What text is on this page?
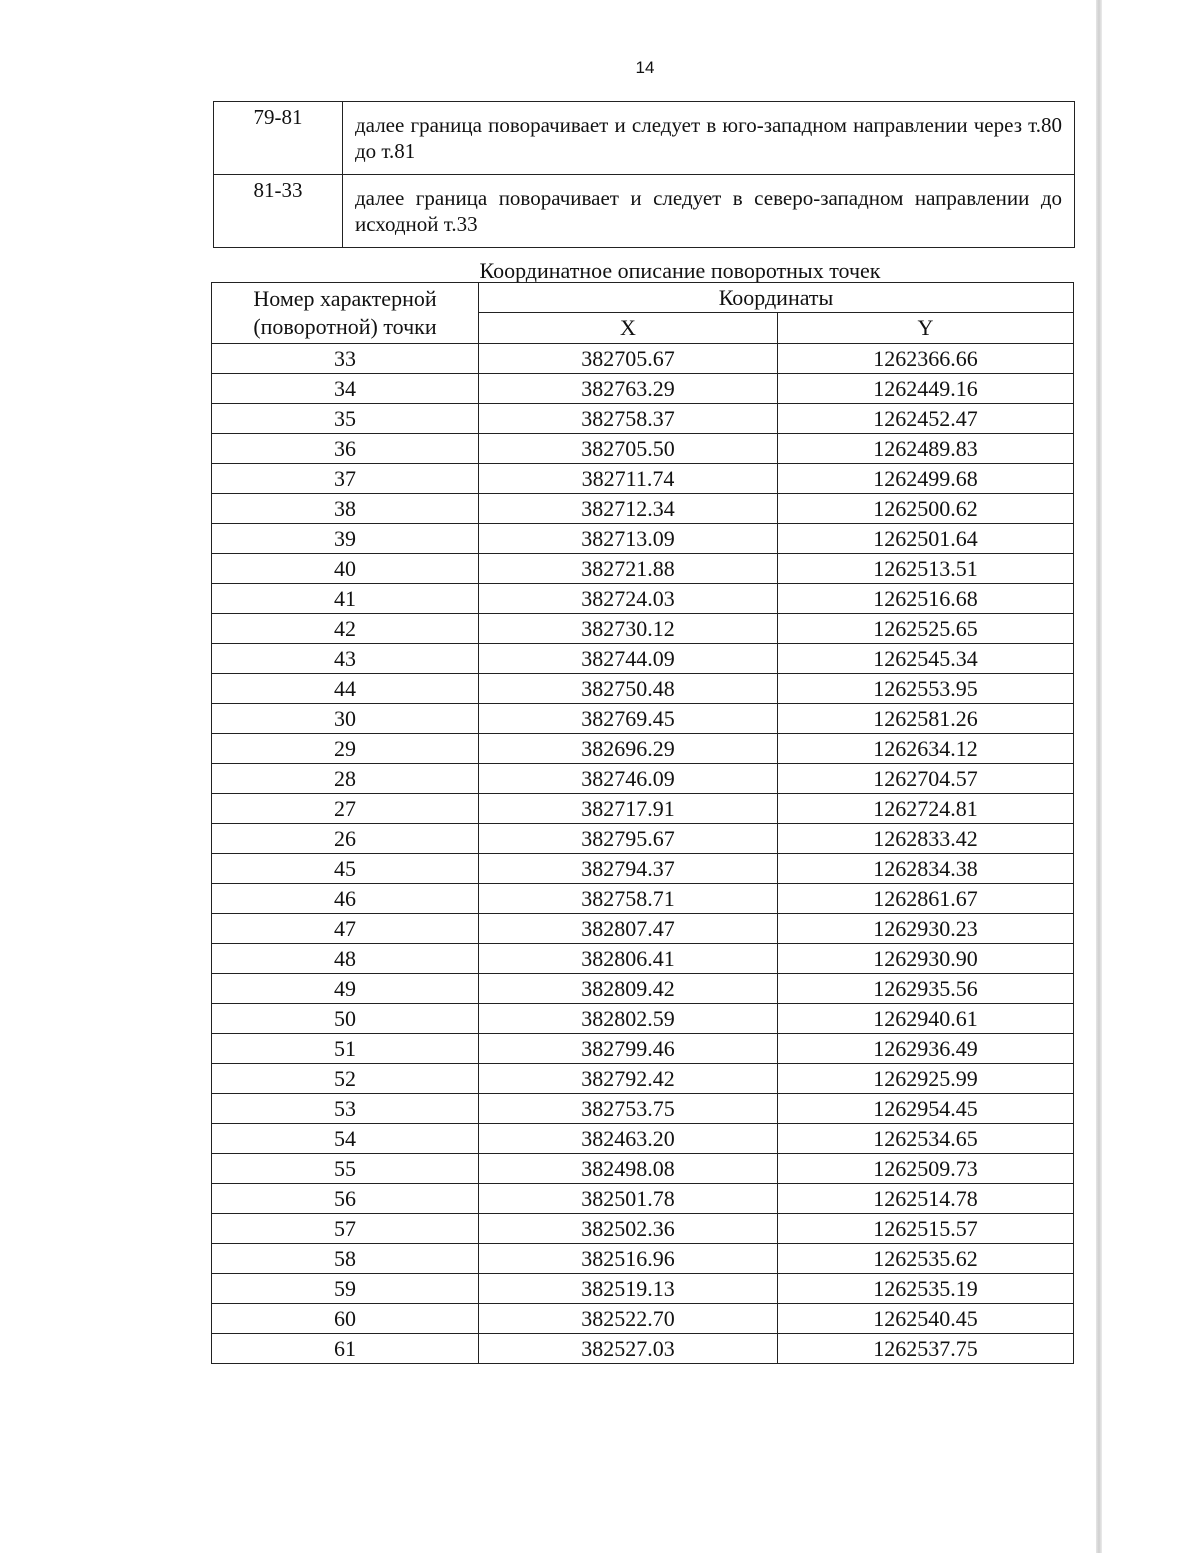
14
79-81	далее граница поворачивает и следует в юго-западном направлении через т.80 до т.81
81-33	далее граница поворачивает и следует в северо-западном направлении до исходной т.33
Координатное описание поворотных точек
Номер характерной (поворотной) точки	Координаты	
	X	Y
33	382705.67	1262366.66
34	382763.29	1262449.16
35	382758.37	1262452.47
36	382705.50	1262489.83
37	382711.74	1262499.68
38	382712.34	1262500.62
39	382713.09	1262501.64
40	382721.88	1262513.51
41	382724.03	1262516.68
42	382730.12	1262525.65
43	382744.09	1262545.34
44	382750.48	1262553.95
30	382769.45	1262581.26
29	382696.29	1262634.12
28	382746.09	1262704.57
27	382717.91	1262724.81
26	382795.67	1262833.42
45	382794.37	1262834.38
46	382758.71	1262861.67
47	382807.47	1262930.23
48	382806.41	1262930.90
49	382809.42	1262935.56
50	382802.59	1262940.61
51	382799.46	1262936.49
52	382792.42	1262925.99
53	382753.75	1262954.45
54	382463.20	1262534.65
55	382498.08	1262509.73
56	382501.78	1262514.78
57	382502.36	1262515.57
58	382516.96	1262535.62
59	382519.13	1262535.19
60	382522.70	1262540.45
61	382527.03	1262537.75
